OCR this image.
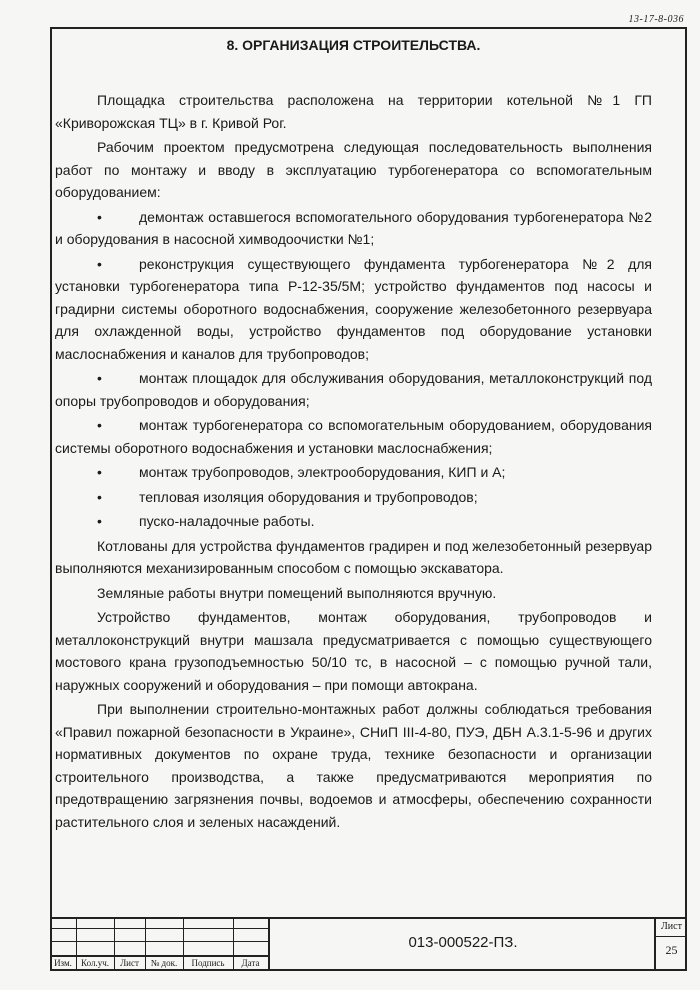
13-17-8-036
8. ОРГАНИЗАЦИЯ СТРОИТЕЛЬСТВА.

Площадка строительства расположена на территории котельной №1 ГП «Криворожская ТЦ» в г. Кривой Рог.

Рабочим проектом предусмотрена следующая последовательность выполнения работ по монтажу и вводу в эксплуатацию турбогенератора со вспомогательным оборудованием:

•	демонтаж оставшегося вспомогательного оборудования турбогенератора №2 и оборудования в насосной химводоочистки №1;

•	реконструкция существующего фундамента турбогенератора №2 для установки турбогенератора типа Р-12-35/5М; устройство фундаментов под насосы и градирни системы оборотного водоснабжения, сооружение железобетонного резервуара для охлажденной воды, устройство фундаментов под оборудование установки маслоснабжения и каналов для трубопроводов;

•	монтаж площадок для обслуживания оборудования, металлоконструкций под опоры трубопроводов и оборудования;

•	монтаж турбогенератора со вспомогательным оборудованием, оборудования системы оборотного водоснабжения и установки маслоснабжения;

•	монтаж трубопроводов, электрооборудования, КИП и А;

•	тепловая изоляция оборудования и трубопроводов;

•	пуско-наладочные работы.

Котлованы для устройства фундаментов градирен и под железобетонный резервуар выполняются механизированным способом с помощью экскаватора.

Земляные работы внутри помещений выполняются вручную.

Устройство фундаментов, монтаж оборудования, трубопроводов и металлоконструкций внутри машзала предусматривается с помощью существующего мостового крана грузоподъемностью 50/10 тс, в насосной – с помощью ручной тали, наружных сооружений и оборудования – при помощи автокрана.

При выполнении строительно-монтажных работ должны соблюдаться требования «Правил пожарной безопасности в Украине», СНиП III-4-80, ПУЭ, ДБН А.3.1-5-96 и других нормативных документов по охране труда, технике безопасности и организации строительного производства, а также предусматриваются мероприятия по предотвращению загрязнения почвы, водоемов и атмосферы, обеспечению сохранности растительного слоя и зеленых насаждений.

Изм.	Кол.уч.	Лист	№ док.	Подпись	Дата
013-000522-ПЗ.
Лист
25
